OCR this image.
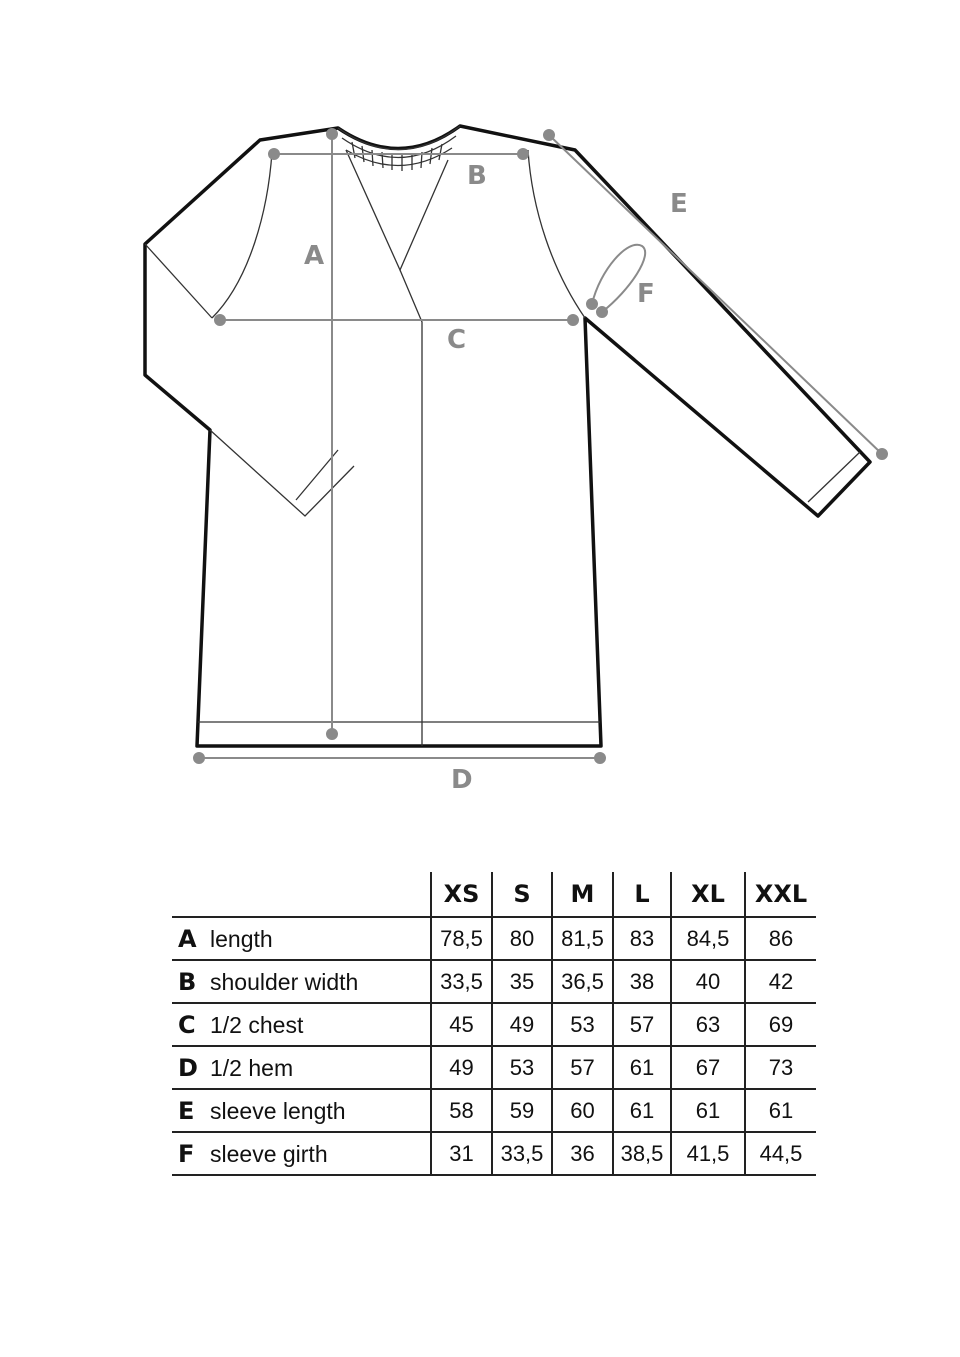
A
B
C
D
E
F
	XS	S	M	L	XL	XXL
A length	78,5	80	81,5	83	84,5	86
B shoulder width	33,5	35	36,5	38	40	42
C 1/2 chest	45	49	53	57	63	69
D 1/2 hem	49	53	57	61	67	73
E sleeve length	58	59	60	61	61	61
F sleeve girth	31	33,5	36	38,5	41,5	44,5
